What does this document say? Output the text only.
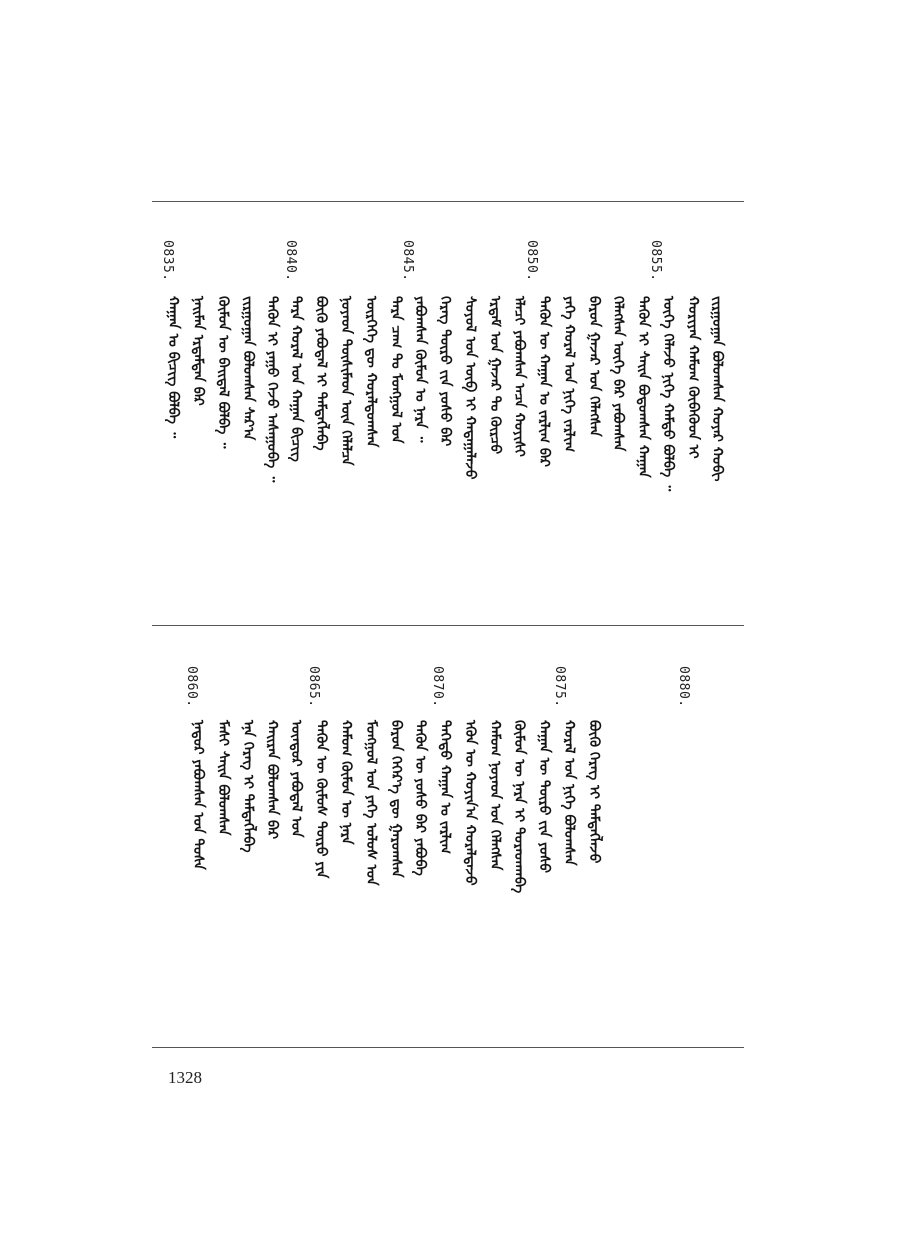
0835.	0840.	0845.	0850.	0855.
ᠬᠠᠭᠠᠨ ᠤ ᠪᠢᠴᠢᠭ ᠪᠣᠯᠪᠠ ᠃ ᠨᠠᠢᠮᠠᠨ ᠡᠷᠳᠡᠮᠲᠡᠨ ᠪᠠᠷ ᠬᠦᠮᠦᠨ ᠦ ᠪᠠᠢᠳᠠᠯ ᠪᠣᠯᠪᠠ ᠃ ᠵᠢᠷᠭᠤᠭᠠᠨ ᠪᠣᠯᠣᠭᠰᠠᠨ ᠰᠠᠷ᠎ᠠ ᠲᠡᠭᠦᠨ ᠢ ᠶᠠᠭᠤ ᠭᠡᠵᠦ ᠠᠰᠠᠭᠤᠪᠠ ᠃ ᠲᠡᠷᠡ ᠬᠤᠷᠠᠯ ᠤᠨ ᠬᠠᠭᠠᠨ ᠪᠢᠴᠢᠭ ᠪᠦᠬᠦ ᠶᠠᠪᠤᠳᠠᠯ ᠢ ᠲᠡᠮᠳᠡᠭᠯᠡᠪᠡ ᠨᠣᠶᠠᠳ ᠲᠦᠰᠢᠮᠡᠳ ᠦᠨ ᠬᠡᠯᠡᠯᠴᠡ ᠥᠷᠭᠡᠭᠡ ᠳᠦ ᠬᠤᠷᠠᠯᠳᠤᠭᠰᠠᠨ ᠲᠡᠷᠡ ᠴᠠᠭ ᠲᠤ ᠮᠣᠩᠭᠣᠯ ᠤᠨ ᠶᠠᠪᠤᠭᠰᠠᠨ ᠬᠦᠮᠦᠨ ᠤ ᠨᠡᠷᠡ ᠃ ᠬᠡᠷᠡᠭ ᠲᠥᠷᠦ ᠵᠢᠨ ᠶᠣᠰᠣ ᠪᠠᠷ ᠰᠣᠶᠣᠯ ᠤᠨ ᠥᠪ ᠢ ᠬᠠᠳᠠᠭᠠᠯᠠᠵᠤ ᠡᠷᠳᠡᠮ ᠤᠨ ᠭᠠᠵᠠᠷ ᠲᠤ ᠬᠦᠷᠴᠦ ᠡᠯᠡᠴᠢ ᠶᠠᠪᠤᠭᠰᠠᠨ ᠠᠴᠠ ᠬᠣᠶᠢᠰᠢ ᠲᠡᠭᠦᠨ ᠦ ᠬᠠᠭᠠᠨ ᠤ ᠵᠠᠷᠯᠢᠭ ᠪᠠᠷ ᠶᠡᠬᠡ ᠬᠤᠷᠠᠯ ᠤᠨ ᠨᠢᠭᠡ ᠵᠠᠷᠯᠢᠭ ᠪᠠᠷᠤᠨ ᠭᠠᠵᠠᠷ ᠤᠨ ᠬᠡᠯᠡᠭᠰᠡᠨ ᠬᠡᠯᠡᠭᠰᠡᠨ ᠦᠭᠡ ᠪᠡᠷ ᠶᠠᠪᠤᠭᠰᠠᠨ ᠲᠡᠭᠦᠨ ᠢ ᠰᠠᠢᠨ ᠪᠣᠳᠣᠭᠰᠠᠨ ᠬᠠᠭᠠᠨ ᠦᠭᠡ ᠬᠡᠯᠡᠵᠦ ᠨᠢᠭᠡ ᠬᠠᠮᠲᠤ ᠪᠣᠯᠪᠠ ᠃ ᠬᠤᠷᠢᠶᠠᠨ ᠬᠠᠮᠤᠭ ᠬᠥᠪᠡᠭᠦᠳ ᠢ ᠵᠢᠷᠭᠤᠭᠠᠨ ᠪᠣᠯᠣᠭᠰᠠᠨ ᠬᠣᠶᠠᠷ ᠬᠤᠪᠢ
0860.	0865.	0870.	0875.	0880.
ᠨᠠᠳᠤᠷ ᠶᠠᠪᠤᠭᠰᠠᠨ ᠤᠨ ᠲᠤᠰᠠ ᠮᠠᠰᠢ ᠰᠠᠢᠨ ᠪᠣᠯᠤᠭᠰᠠᠨ ᠡᠨᠡ ᠬᠡᠷᠡᠭ ᠢ ᠲᠡᠮᠳᠡᠭᠯᠡᠪᠡ ᠬᠠᠢᠷᠠᠨ ᠪᠣᠯᠣᠭᠰᠠᠨ ᠪᠠᠷ ᠥᠨᠳᠦᠷ ᠶᠠᠪᠤᠳᠠᠯ ᠤᠨ ᠲᠡᠭᠦᠨ ᠦ ᠬᠦᠮᠦᠰ ᠲᠥᠷᠦ ᠶᠢᠨ ᠬᠠᠮᠤᠭ ᠬᠦᠮᠦᠨ ᠦ ᠨᠡᠷᠡ ᠮᠣᠩᠭᠣᠯ ᠤᠨ ᠶᠡᠬᠡ ᠣᠯᠣᠰ ᠤᠨ ᠪᠠᠷᠤᠨ ᠬᠡᠭᠡᠷ᠎ᠡ ᠳᠦ ᠭᠠᠷᠤᠭᠰᠠᠨ ᠲᠡᠭᠦᠨ ᠦ ᠶᠣᠰᠣ ᠪᠠᠷ ᠶᠠᠪᠤᠪᠠ ᠳᠡᠭᠡᠳᠦ ᠬᠠᠭᠠᠨ ᠤ ᠵᠠᠷᠯᠢᠭ ᠡᠭᠦᠨ ᠦ ᠬᠣᠶᠢᠨ᠎ᠠ ᠬᠤᠷᠠᠯᠳᠠᠵᠤ ᠬᠠᠮᠤᠭ ᠨᠣᠶᠠᠳ ᠤᠨ ᠬᠡᠯᠡᠭᠰᠡᠨ ᠬᠦᠮᠦᠨ ᠦ ᠨᠡᠷᠡ ᠢ ᠳᠤᠷᠠᠳᠬᠠᠪᠠ ᠬᠠᠭᠠᠨ ᠦ ᠲᠥᠷᠦ ᠵᠢᠨ ᠶᠣᠰᠣ ᠬᠤᠷᠠᠯ ᠤᠨ ᠨᠢᠭᠡ ᠪᠣᠯᠤᠭᠰᠠᠨ ᠪᠦᠬᠦ ᠬᠡᠷᠡᠭ ᠢ ᠲᠡᠮᠳᠡᠭᠯᠡᠵᠦ
1328
